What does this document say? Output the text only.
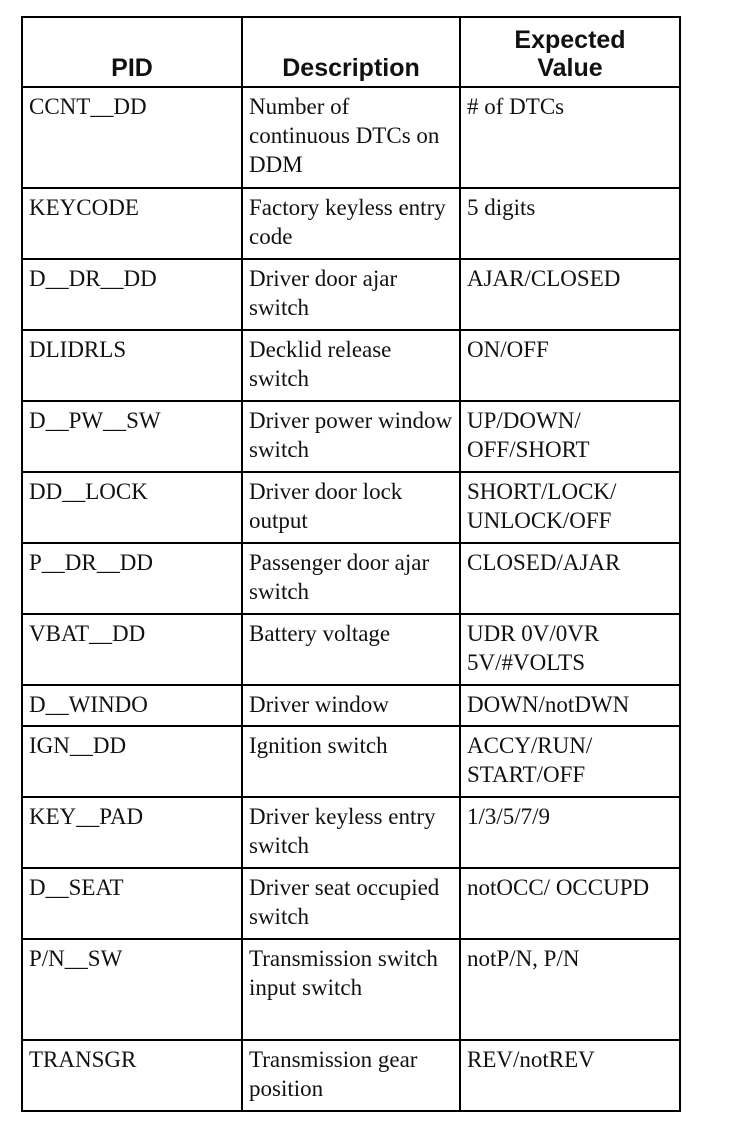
PID	Description	Expected Value
CCNT__DD	Number of continuous DTCs on DDM	# of DTCs
KEYCODE	Factory keyless entry code	5 digits
D__DR__DD	Driver door ajar switch	AJAR/CLOSED
DLIDRLS	Decklid release switch	ON/OFF
D__PW__SW	Driver power window switch	UP/DOWN/ OFF/SHORT
DD__LOCK	Driver door lock output	SHORT/LOCK/ UNLOCK/OFF
P__DR__DD	Passenger door ajar switch	CLOSED/AJAR
VBAT__DD	Battery voltage	UDR 0V/0VR 5V/#VOLTS
D__WINDO	Driver window	DOWN/notDWN
IGN__DD	Ignition switch	ACCY/RUN/ START/OFF
KEY__PAD	Driver keyless entry switch	1/3/5/7/9
D__SEAT	Driver seat occupied switch	notOCC/ OCCUPD
P/N__SW	Transmission switch input switch	notP/N, P/N
TRANSGR	Transmission gear position	REV/notREV
